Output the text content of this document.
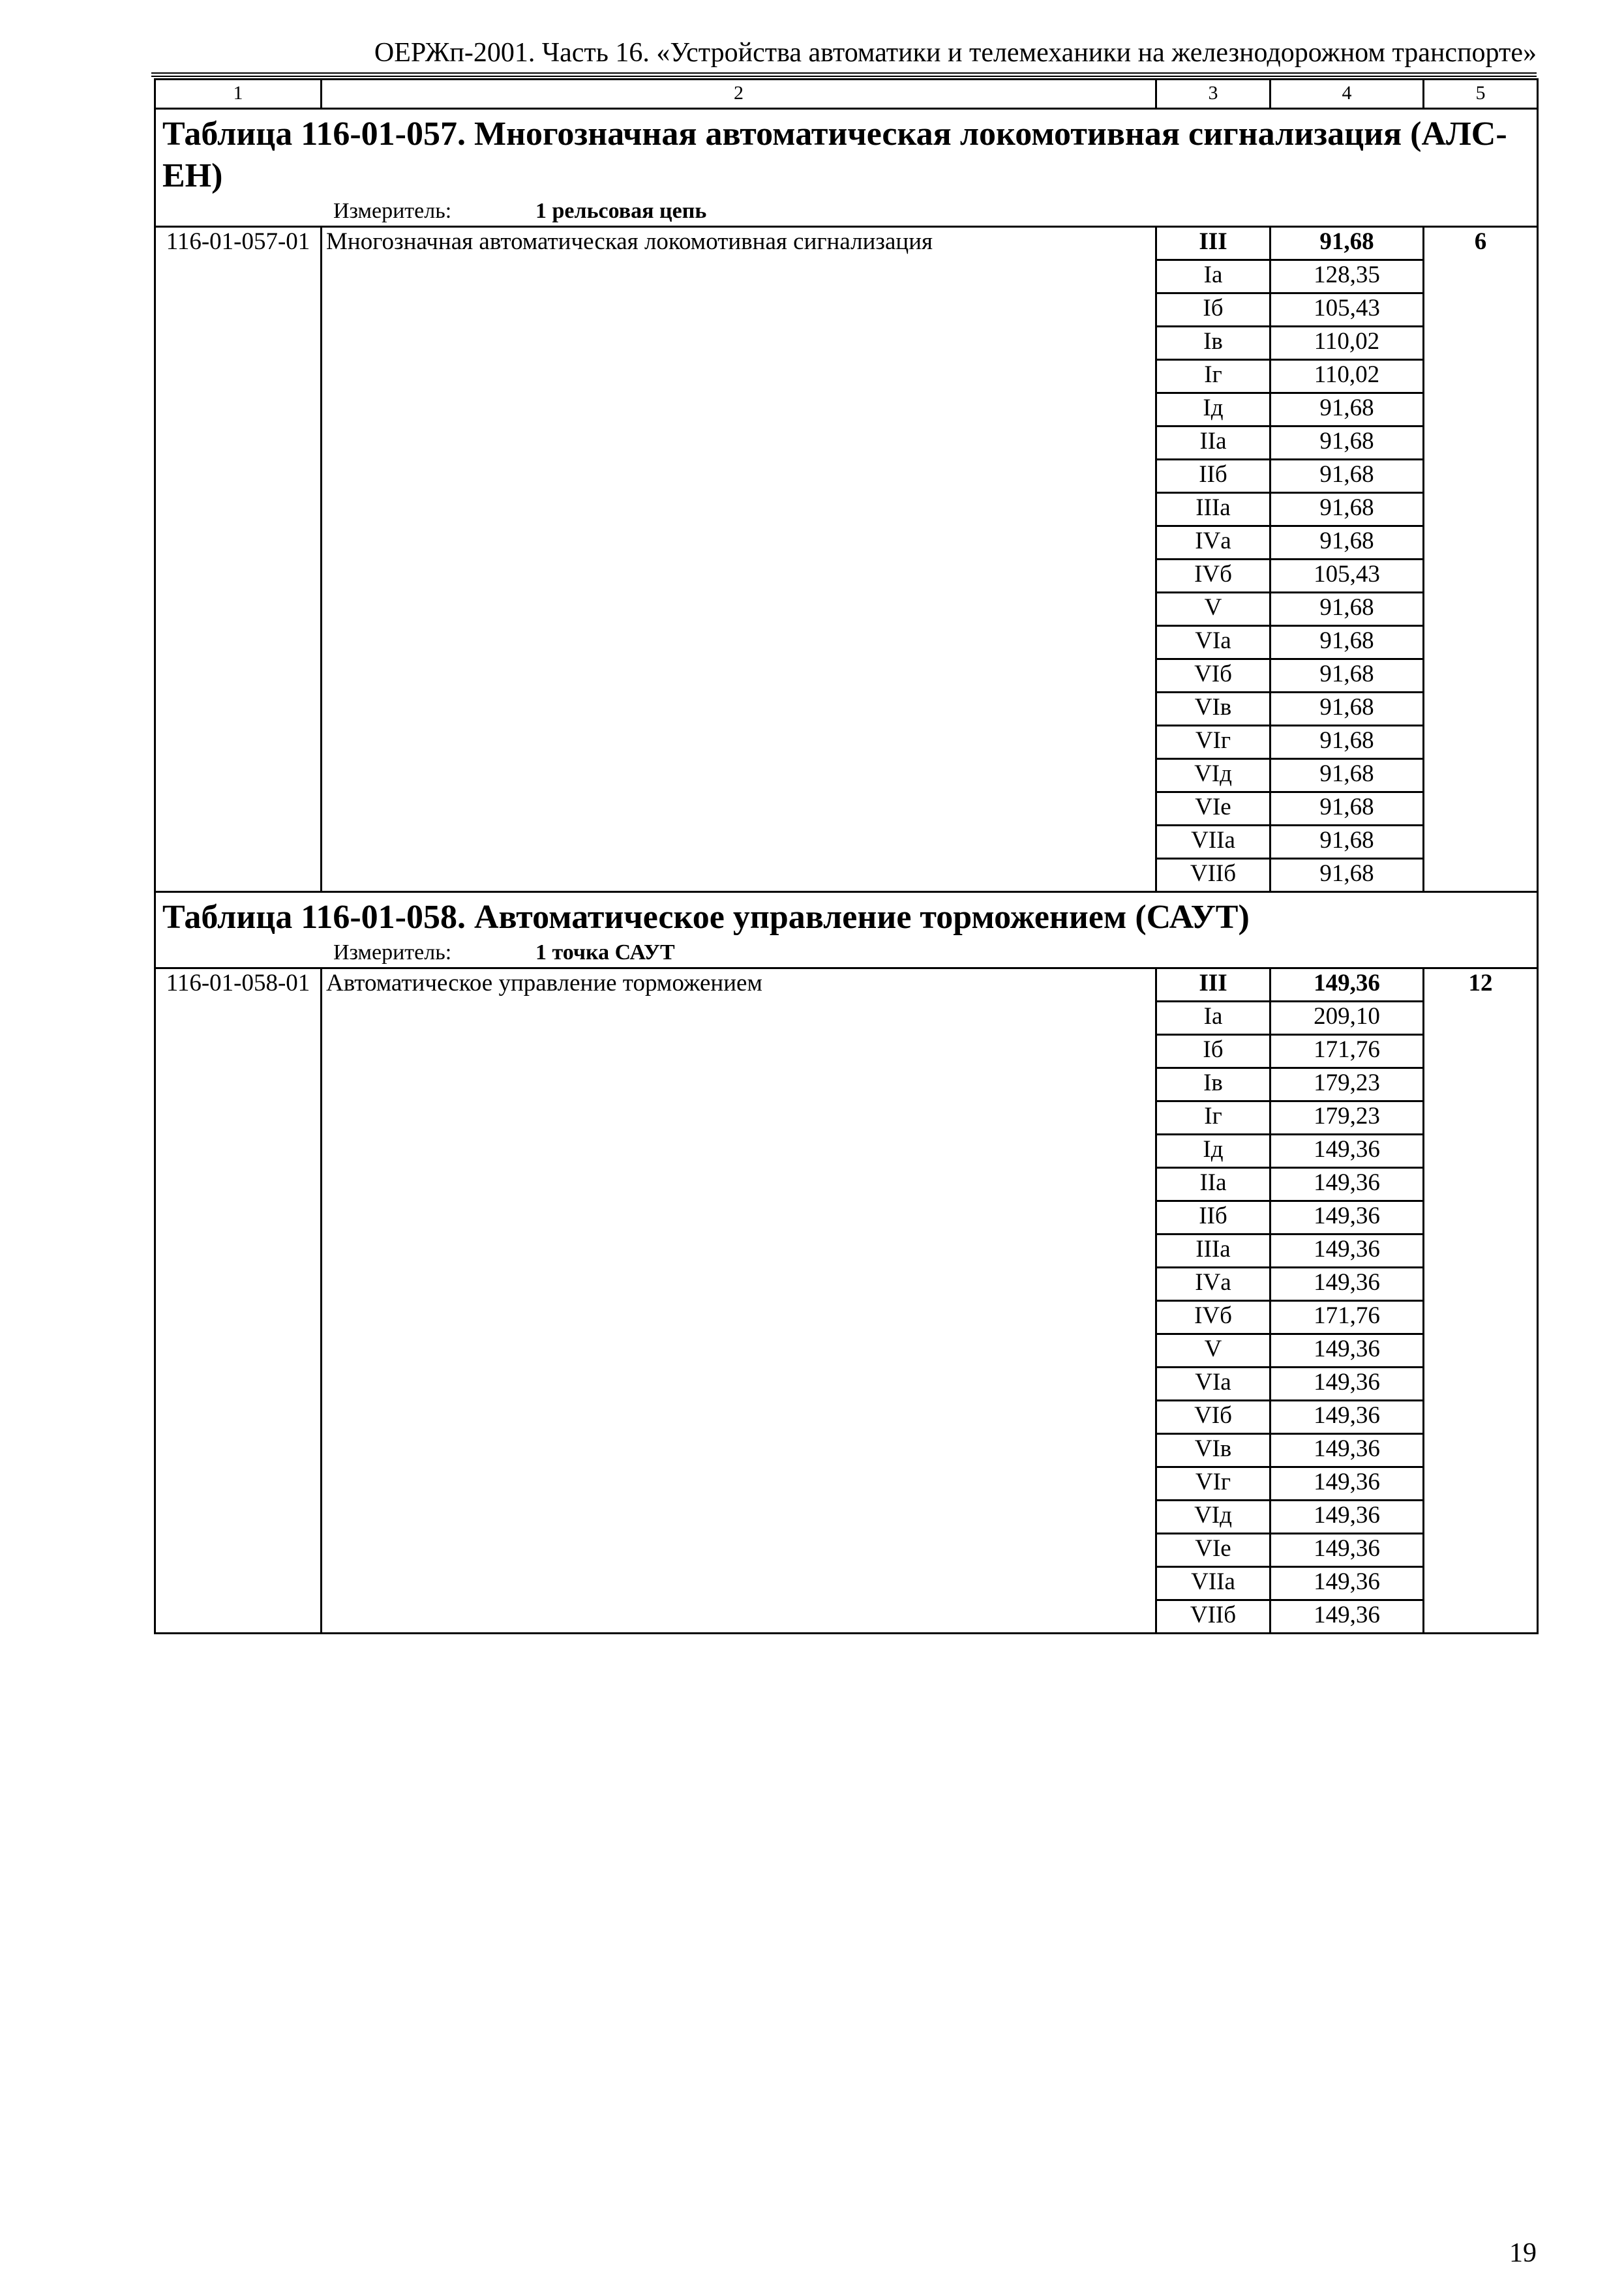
ОЕРЖп-2001. Часть 16. «Устройства автоматики и телемеханики на железнодорожном транспорте»
1	2	3	4	5

Таблица 116-01-057. Многозначная автоматическая локомотивная сигнализация (АЛС-ЕН)
Измеритель: 1 рельсовая цепь				

116-01-057-01	Многозначная автоматическая локомотивная сигнализация	III	91,68	6
		Iа	128,35	
		Iб	105,43	
		Iв	110,02	
		Iг	110,02	
		Iд	91,68	
		IIа	91,68	
		IIб	91,68	
		IIIа	91,68	
		IVа	91,68	
		IVб	105,43	
		V	91,68	
		VIа	91,68	
		VIб	91,68	
		VIв	91,68	
		VIг	91,68	
		VIд	91,68	
		VIе	91,68	
		VIIа	91,68	
		VIIб	91,68	

Таблица 116-01-058. Автоматическое управление торможением (САУТ)
Измеритель: 1 точка САУТ				

116-01-058-01	Автоматическое управление торможением	III	149,36	12
		Iа	209,10	
		Iб	171,76	
		Iв	179,23	
		Iг	179,23	
		Iд	149,36	
		IIа	149,36	
		IIб	149,36	
		IIIа	149,36	
		IVа	149,36	
		IVб	171,76	
		V	149,36	
		VIа	149,36	
		VIб	149,36	
		VIв	149,36	
		VIг	149,36	
		VIд	149,36	
		VIе	149,36	
		VIIа	149,36	
		VIIб	149,36	
19
